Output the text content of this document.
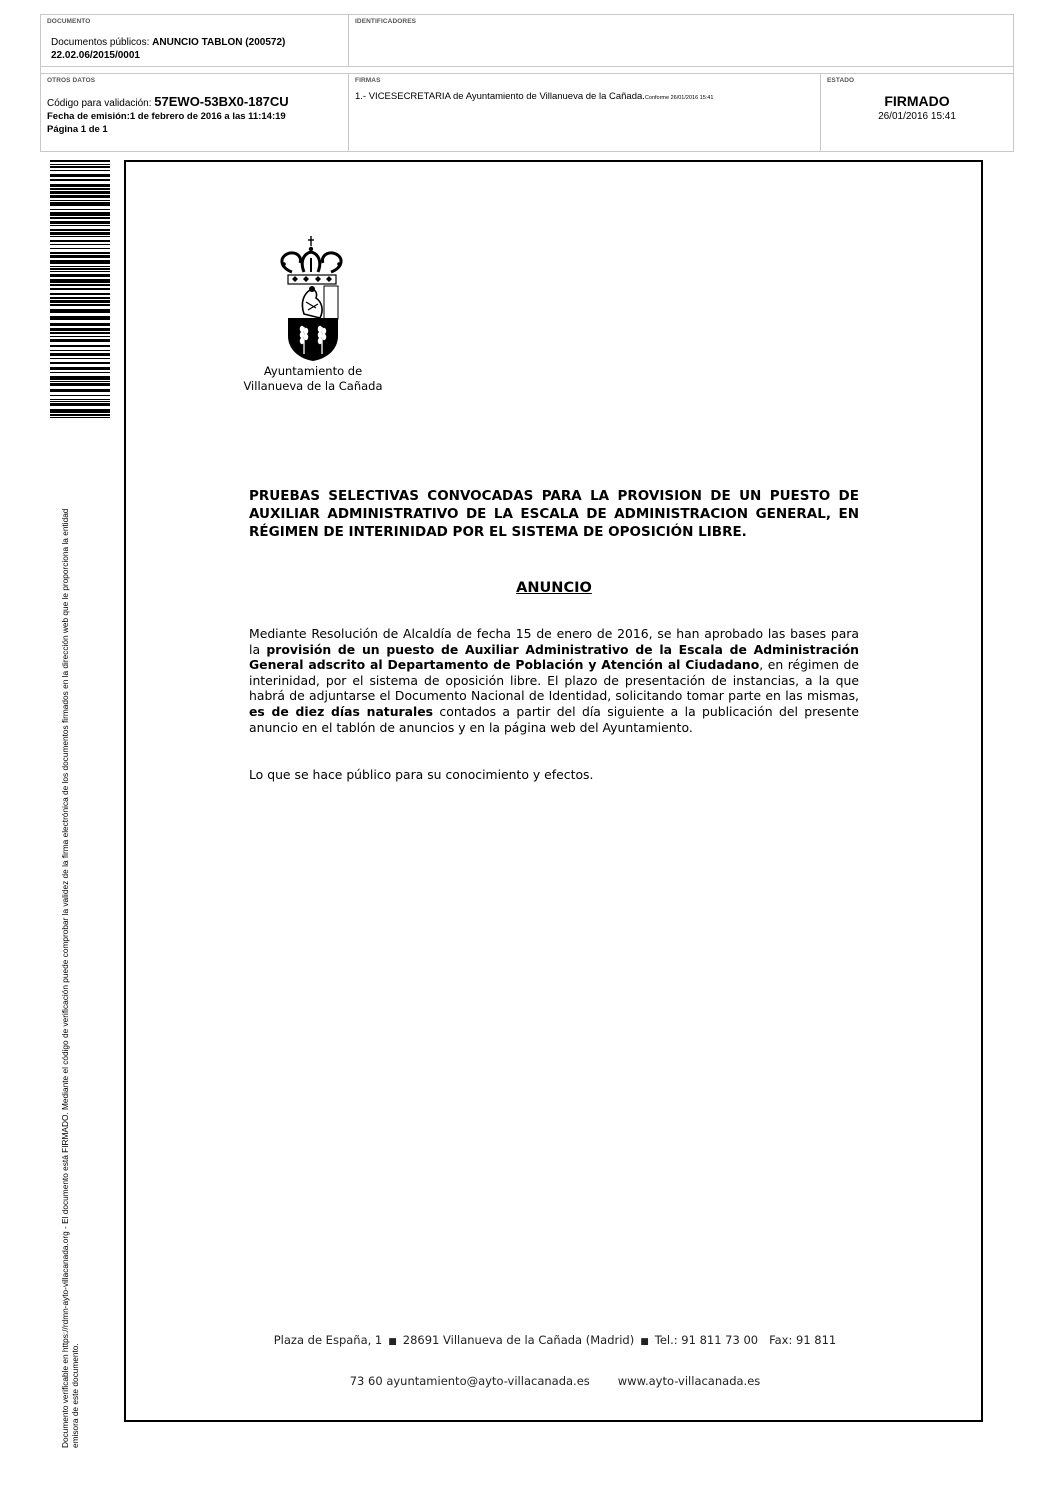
DOCUMENTO
Documentos públicos: ANUNCIO TABLON (200572)
22.02.06/2015/0001
IDENTIFICADORES
OTROS DATOS
Código para validación: 57EWO-53BX0-187CU
Fecha de emisión:1 de febrero de 2016 a las 11:14:19
Página 1 de 1
FIRMAS
1.- VICESECRETARIA de Ayuntamiento de Villanueva de la Cañada.Conforme 26/01/2016 15:41
ESTADO
FIRMADO
26/01/2016 15:41
Documento verificable en https://rdmn-ayto-villacanada.org - El documento está FIRMADO. Mediante el código de verificación puede comprobar la validez de la firma electrónica de los documentos firmados en la dirección web que le proporciona la entidad emisora de este documento.
Ayuntamiento de
Villanueva de la Cañada
PRUEBAS SELECTIVAS CONVOCADAS PARA LA PROVISION DE UN PUESTO DE AUXILIAR ADMINISTRATIVO DE LA ESCALA DE ADMINISTRACION GENERAL, EN RÉGIMEN DE INTERINIDAD POR EL SISTEMA DE OPOSICIÓN LIBRE.
ANUNCIO
Mediante Resolución de Alcaldía de fecha 15 de enero de 2016, se han aprobado las bases para la provisión de un puesto de Auxiliar Administrativo de la Escala de Administración General adscrito al Departamento de Población y Atención al Ciudadano, en régimen de interinidad, por el sistema de oposición libre. El plazo de presentación de instancias, a la que habrá de adjuntarse el Documento Nacional de Identidad, solicitando tomar parte en las mismas, es de diez días naturales contados a partir del día siguiente a la publicación del presente anuncio en el tablón de anuncios y en la página web del Ayuntamiento.
Lo que se hace público para su conocimiento y efectos.
Plaza de España, 1 ■ 28691 Villanueva de la Cañada (Madrid) ■ Tel.: 91 811 73 00 Fax: 91 811
73 60 ayuntamiento@ayto-villacanada.es www.ayto-villacanada.es
